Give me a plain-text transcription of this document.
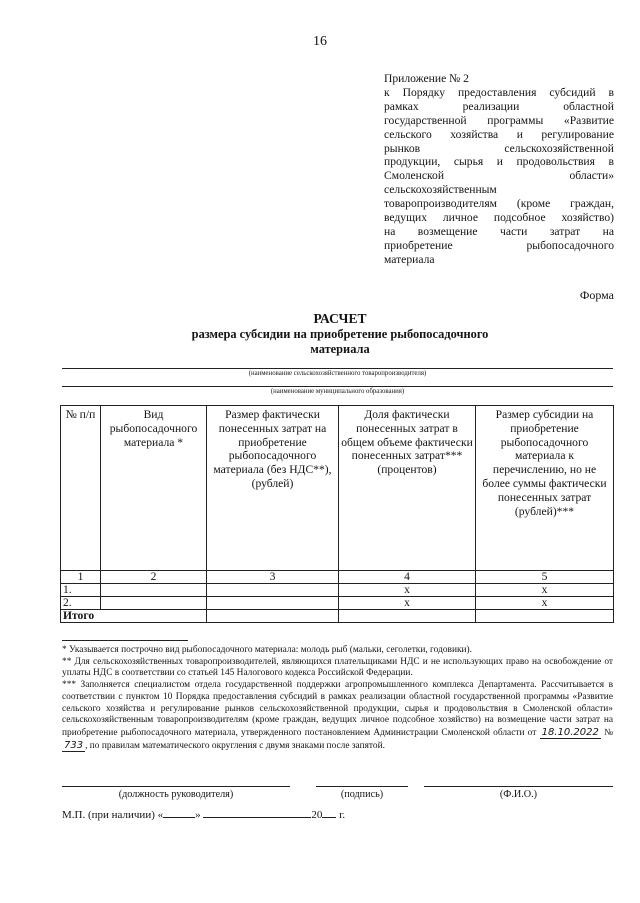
16
Приложение № 2
к Порядку предоставления субсидий в
рамках реализации областной
государственной программы «Развитие
сельского хозяйства и регулирование
рынков сельскохозяйственной
продукции, сырья и продовольствия в
Смоленской области»
сельскохозяйственным
товаропроизводителям (кроме граждан,
ведущих личное подсобное хозяйство)
на возмещение части затрат на
приобретение рыбопосадочного
материала
Форма
РАСЧЕТ
размера субсидии на приобретение рыбопосадочного
материала
(наименование сельскохозяйственного товаропроизводителя)
(наименование муниципального образования)
№ п/п	Вид рыбопосадочного материала *	Размер фактически понесенных затрат на приобретение рыбопосадочного материала (без НДС**), (рублей)	Доля фактически понесенных затрат в общем объеме фактически понесенных затрат*** (процентов)	Размер субсидии на приобретение рыбопосадочного материала к перечислению, но не более суммы фактически понесенных затрат (рублей)***
1	2	3	4	5
1.			х	х
2.			х	х
Итого				

* Указывается построчно вид рыбопосадочного материала: молодь рыб (мальки, сеголетки, годовики).

** Для сельскохозяйственных товаропроизводителей, являющихся плательщиками НДС и не использующих право на освобождение от уплаты НДС в соответствии со статьей 145 Налогового кодекса Российской Федерации.

*** Заполняется специалистом отдела государственной поддержки агропромышленного комплекса Департамента. Рассчитывается в соответствии с пунктом 10 Порядка предоставления субсидий в рамках реализации областной государственной программы «Развитие сельского хозяйства и регулирование рынков сельскохозяйственной продукции, сырья и продовольствия в Смоленской области» сельскохозяйственным товаропроизводителям (кроме граждан, ведущих личное подсобное хозяйство) на возмещение части затрат на приобретение рыбопосадочного материала, утвержденного постановлением Администрации Смоленской области от 18.10.2022 № 733 , по правилам математического округления с двумя знаками после запятой.

(должность руководителя)	(подпись)	(Ф.И.О.)
М.П. (при наличии) «	»	20 г.
